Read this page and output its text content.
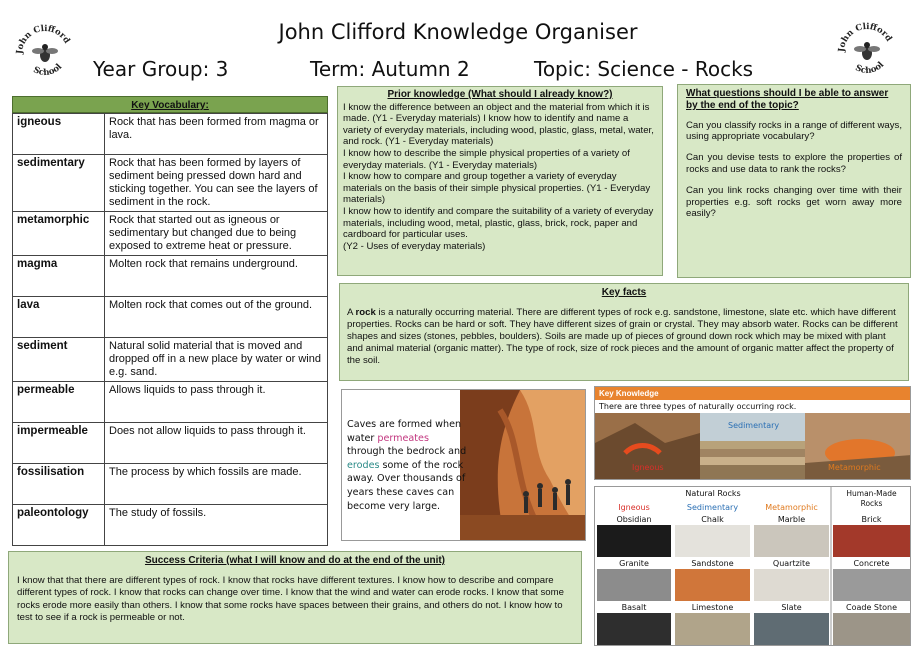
John Clifford
School
John Clifford
School
John Clifford Knowledge Organiser
Year Group: 3	Term: Autumn 2	Topic: Science - Rocks
Key Vocabulary:
igneous	Rock that has been formed from magma or lava.
sedimentary	Rock that has been formed by layers of sediment being pressed down hard and sticking together. You can see the layers of sediment in the rock.
metamorphic	Rock that started out as igneous or sedimentary but changed due to being exposed to extreme heat or pressure.
magma	Molten rock that remains underground.
lava	Molten rock that comes out of the ground.
sediment	Natural solid material that is moved and dropped off in a new place by water or wind e.g. sand.
permeable	Allows liquids to pass through it.
impermeable	Does not allow liquids to pass through it.
fossilisation	The process by which fossils are made.
paleontology	The study of fossils.
Prior knowledge (What should I already know?)
I know the difference between an object and the material from which it is made. (Y1 - Everyday materials) I know how to identify and name a variety of everyday materials, including wood, plastic, glass, metal, water, and rock. (Y1 - Everyday materials)
I know how to describe the simple physical properties of a variety of everyday materials. (Y1 - Everyday materials)
I know how to compare and group together a variety of everyday materials on the basis of their simple physical properties. (Y1 - Everyday materials)
I know how to identify and compare the suitability of a variety of everyday materials, including wood, metal, plastic, glass, brick, rock, paper and cardboard for particular uses.
(Y2 - Uses of everyday materials)
What questions should I be able to answer by the end of the topic?

Can you classify rocks in a range of different ways, using appropriate vocabulary?

Can you devise tests to explore the properties of rocks and use data to rank the rocks?

Can you link rocks changing over time with their properties e.g. soft rocks get worn away more easily?

Key facts
A rock is a naturally occurring material. There are different types of rock e.g. sandstone, limestone, slate etc. which have different properties. Rocks can be hard or soft. They have different sizes of grain or crystal. They may absorb water. Rocks can be different shapes and sizes (stones, pebbles, boulders). Soils are made up of pieces of ground down rock which may be mixed with plant and animal material (organic matter). The type of rock, size of rock pieces and the amount of organic matter affect the property of the soil.
Caves are formed when water permeates through the bedrock and erodes some of the rock away. Over thousands of years these caves can become very large.
Key Knowledge
There are three types of naturally occurring rock.
Sedimentary
Igneous	Metamorphic
Natural Rocks	Human-Made Rocks
Igneous	Sedimentary	Metamorphic
Obsidian	Chalk	Marble	Brick
Granite	Sandstone	Quartzite	Concrete
Basalt	Limestone	Slate	Coade Stone
Success Criteria (what I will know and do at the end of the unit)
I know that that there are different types of rock. I know that rocks have different textures. I know how to describe and compare different types of rock. I know that rocks can change over time. I know that the wind and water can erode rocks. I know that some rocks erode more easily than others. I know that some rocks have spaces between their grains, and others do not. I know how to test to see if a rock is permeable or not.
